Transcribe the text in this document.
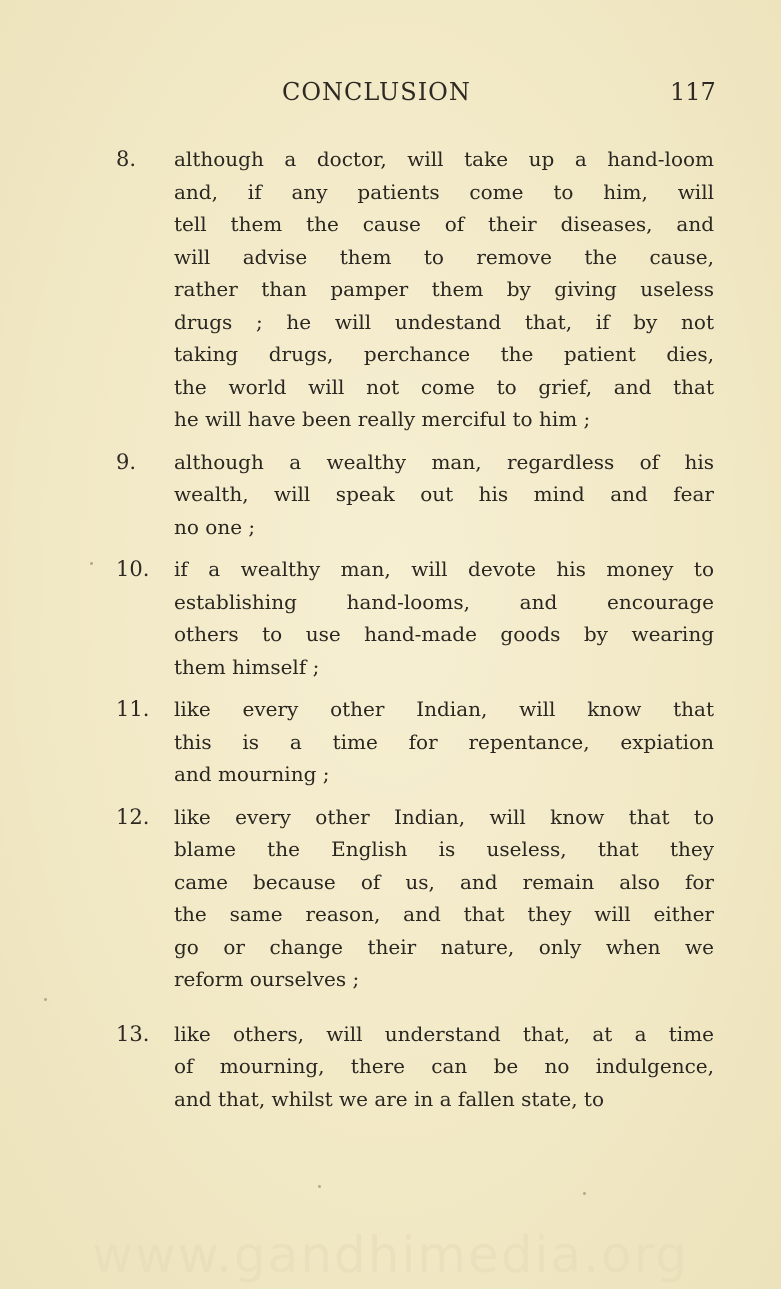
CONCLUSION	117
8. although a doctor, will take up a hand-loom
and, if any patients come to him, will
tell them the cause of their diseases, and
will advise them to remove the cause,
rather than pamper them by giving useless
drugs ; he will undestand that, if by not
taking drugs, perchance the patient dies,
the world will not come to grief, and that
he will have been really merciful to him ;
9. although a wealthy man, regardless of his
wealth, will speak out his mind and fear
no one ;
10. if a wealthy man, will devote his money to
establishing hand-looms, and encourage
others to use hand-made goods by wearing
them himself ;
11. like every other Indian, will know that
this is a time for repentance, expiation
and mourning ;
12. like every other Indian, will know that to
blame the English is useless, that they
came because of us, and remain also for
the same reason, and that they will either
go or change their nature, only when we
reform ourselves ;
13. like others, will understand that, at a time
of mourning, there can be no indulgence,
and that, whilst we are in a fallen state, to
www.gandhimedia.org
